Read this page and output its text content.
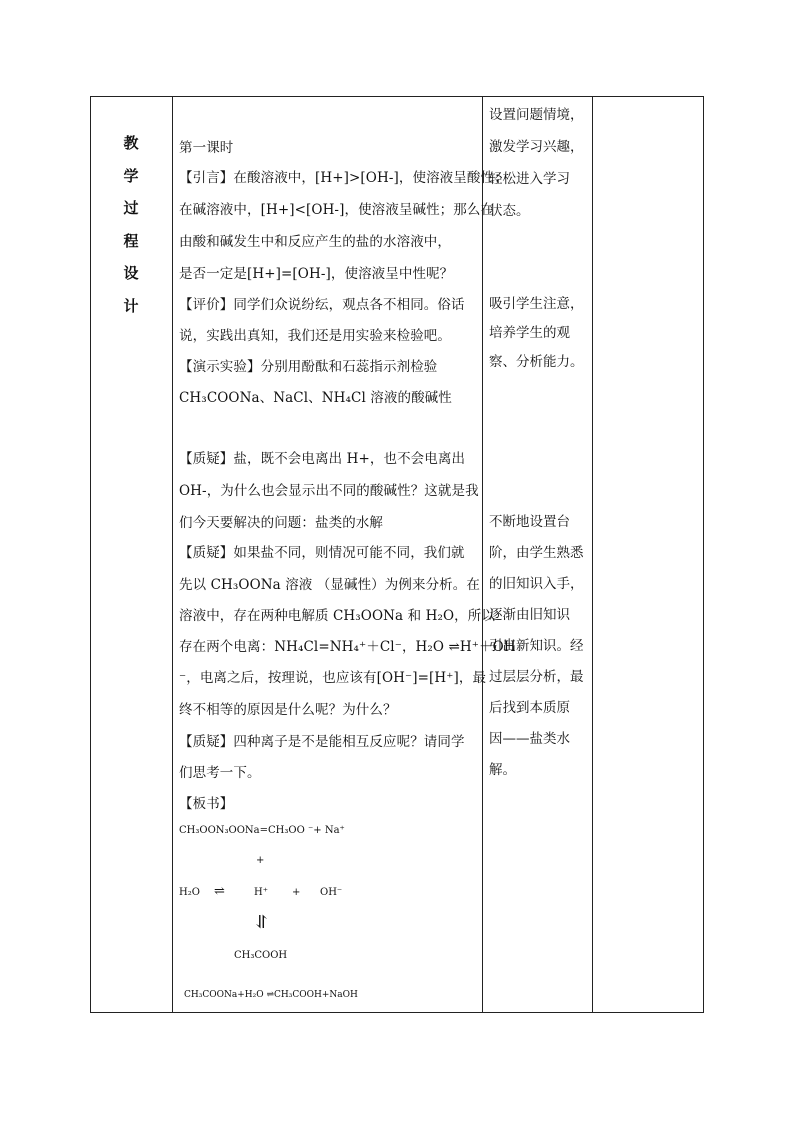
教
学
过
程
设
计
第一课时
【引言】在酸溶液中，[H+]>[OH-]，使溶液呈酸性；
在碱溶液中，[H+]<[OH-]，使溶液呈碱性；那么在
由酸和碱发生中和反应产生的盐的水溶液中，
是否一定是[H+]=[OH-]，使溶液呈中性呢？
【评价】同学们众说纷纭，观点各不相同。俗话
说，实践出真知，我们还是用实验来检验吧。
【演示实验】分别用酚酞和石蕊指示剂检验
CH₃COONa、NaCl、NH₄Cl 溶液的酸碱性
【质疑】盐，既不会电离出 H+，也不会电离出
OH-，为什么也会显示出不同的酸碱性？这就是我
们今天要解决的问题：盐类的水解
【质疑】如果盐不同，则情况可能不同，我们就
先以 CH₃OONa 溶液 （显碱性）为例来分析。在
溶液中，存在两种电解质 CH₃OONa 和 H₂O，所以
存在两个电离：NH₄Cl=NH₄⁺＋Cl⁻，H₂O ⇌H⁺＋OH
⁻，电离之后，按理说，也应该有[OH⁻]=[H⁺]，最
终不相等的原因是什么呢？为什么？
【质疑】四种离子是不是能相互反应呢？请同学
们思考一下。
【板书】
CH₃OON₃OONa=CH₃OO ⁻+ Na⁺
+
H₂O ⇌	H⁺ + OH⁻
⥯
CH₃COOH
CH₃COONa+H₂O ⇌CH₃COOH+NaOH
设置问题情境，
激发学习兴趣，
轻松进入学习
状态。
吸引学生注意，
培养学生的观
察、分析能力。
不断地设置台
阶，由学生熟悉
的旧知识入手，
逐渐由旧知识
引出新知识。经
过层层分析，最
后找到本质原
因——盐类水
解。
